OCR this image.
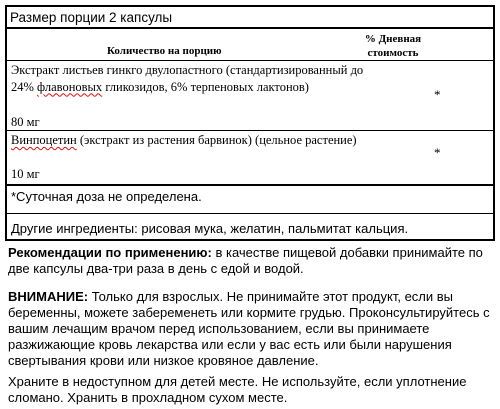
Размер порции 2 капсулы
% Дневная
стоимость
Количество на порцию
Экстракт листьев гинкго двулопастного (стандартизированный до 24% флавоновых гликозидов, 6% терпеновых лактонов)
80 мг
*
Винпоцетин (экстракт из растения барвинок) (цельное растение)
10 мг
*
*Суточная доза не определена.
Другие ингредиенты: рисовая мука, желатин, пальмитат кальция.
Рекомендации по применению: в качестве пищевой добавки принимайте по две капсулы два-три раза в день с едой и водой.
ВНИМАНИЕ: Только для взрослых. Не принимайте этот продукт, если вы беременны, можете забеременеть или кормите грудью. Проконсультируйтесь с вашим лечащим врачом перед использованием, если вы принимаете разжижающие кровь лекарства или если у вас есть или были нарушения свертывания крови или низкое кровяное давление.
Храните в недоступном для детей месте. Не используйте, если уплотнение сломано. Хранить в прохладном сухом месте.
